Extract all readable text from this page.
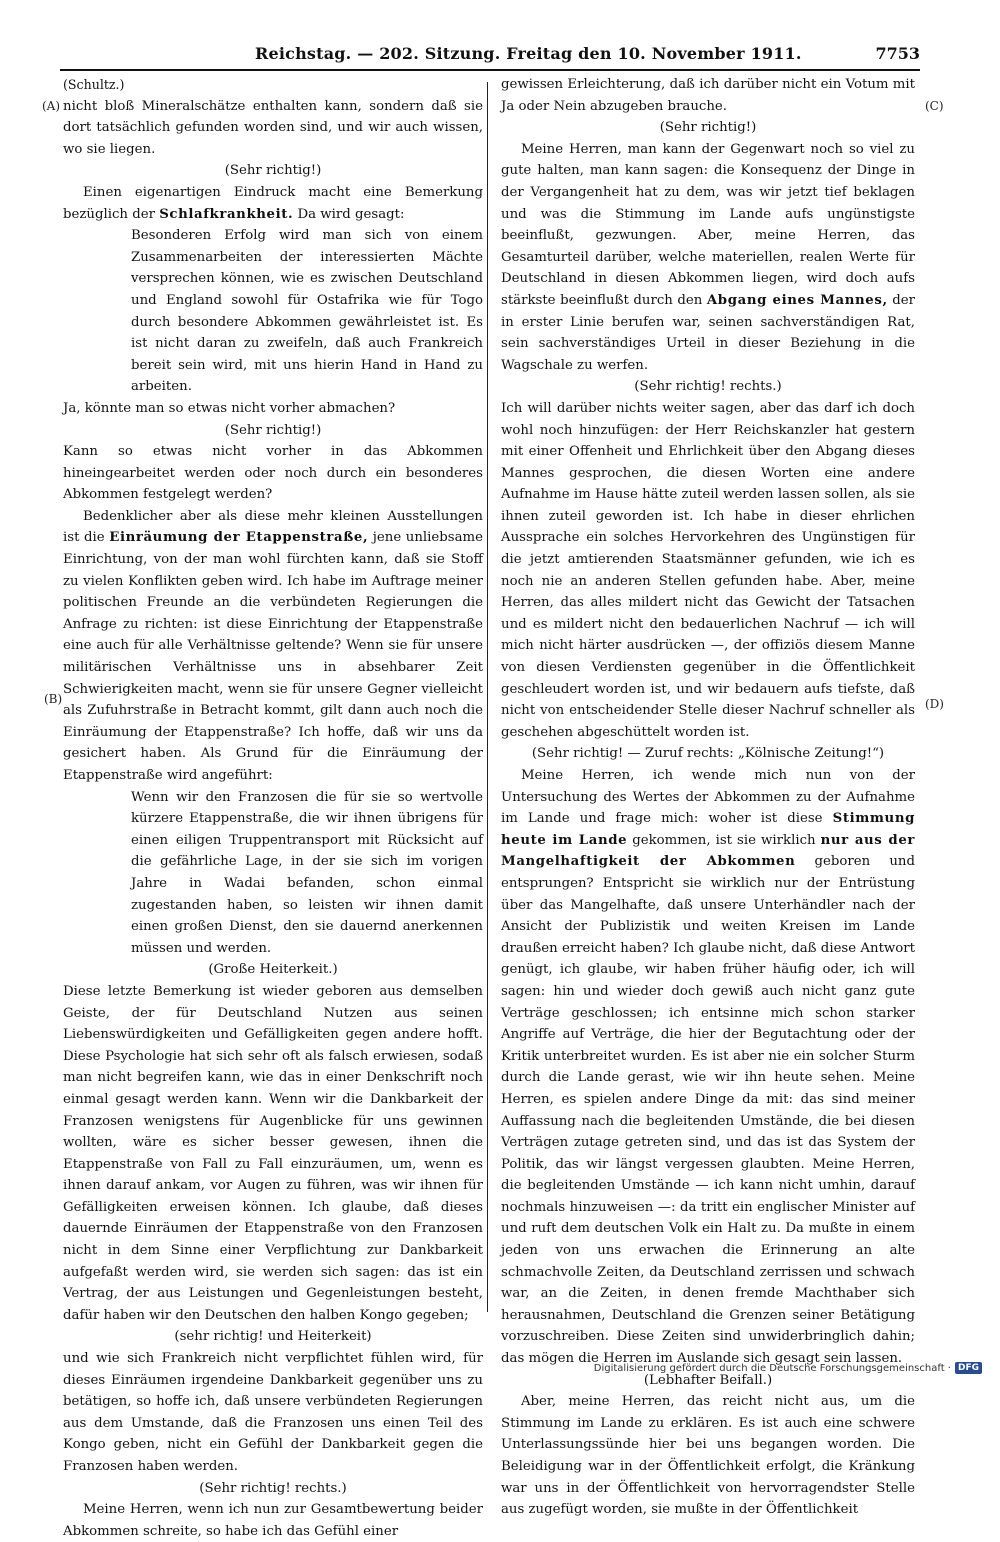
Reichstag. — 202. Sitzung. Freitag den 10. November 1911.	7753
(A)
(B)
(C)
(D)

(Schultz.)

nicht bloß Mineralschätze enthalten kann, sondern daß sie dort tatsächlich gefunden worden sind, und wir auch wissen, wo sie liegen.

(Sehr richtig!)

Einen eigenartigen Eindruck macht eine Bemerkung bezüglich der Schlafkrankheit. Da wird gesagt:

Besonderen Erfolg wird man sich von einem Zusammenarbeiten der interessierten Mächte versprechen können, wie es zwischen Deutschland und England sowohl für Ostafrika wie für Togo durch besondere Abkommen gewährleistet ist. Es ist nicht daran zu zweifeln, daß auch Frankreich bereit sein wird, mit uns hierin Hand in Hand zu arbeiten.

Ja, könnte man so etwas nicht vorher abmachen?

(Sehr richtig!)

Kann so etwas nicht vorher in das Abkommen hineingearbeitet werden oder noch durch ein besonderes Abkommen festgelegt werden?

Bedenklicher aber als diese mehr kleinen Ausstellungen ist die Einräumung der Etappenstraße, jene unliebsame Einrichtung, von der man wohl fürchten kann, daß sie Stoff zu vielen Konflikten geben wird. Ich habe im Auftrage meiner politischen Freunde an die verbündeten Regierungen die Anfrage zu richten: ist diese Einrichtung der Etappenstraße eine auch für alle Verhältnisse geltende? Wenn sie für unsere militärischen Verhältnisse uns in absehbarer Zeit Schwierigkeiten macht, wenn sie für unsere Gegner vielleicht als Zufuhrstraße in Betracht kommt, gilt dann auch noch die Einräumung der Etappenstraße? Ich hoffe, daß wir uns da gesichert haben. Als Grund für die Einräumung der Etappenstraße wird angeführt:

Wenn wir den Franzosen die für sie so wertvolle kürzere Etappenstraße, die wir ihnen übrigens für einen eiligen Truppentransport mit Rücksicht auf die gefährliche Lage, in der sie sich im vorigen Jahre in Wadai befanden, schon einmal zugestanden haben, so leisten wir ihnen damit einen großen Dienst, den sie dauernd anerkennen müssen und werden.

(Große Heiterkeit.)

Diese letzte Bemerkung ist wieder geboren aus demselben Geiste, der für Deutschland Nutzen aus seinen Liebenswürdigkeiten und Gefälligkeiten gegen andere hofft. Diese Psychologie hat sich sehr oft als falsch erwiesen, sodaß man nicht begreifen kann, wie das in einer Denkschrift noch einmal gesagt werden kann. Wenn wir die Dankbarkeit der Franzosen wenigstens für Augenblicke für uns gewinnen wollten, wäre es sicher besser gewesen, ihnen die Etappenstraße von Fall zu Fall einzuräumen, um, wenn es ihnen darauf ankam, vor Augen zu führen, was wir ihnen für Gefälligkeiten erweisen können. Ich glaube, daß dieses dauernde Einräumen der Etappenstraße von den Franzosen nicht in dem Sinne einer Verpflichtung zur Dankbarkeit aufgefaßt werden wird, sie werden sich sagen: das ist ein Vertrag, der aus Leistungen und Gegenleistungen besteht, dafür haben wir den Deutschen den halben Kongo gegeben;

(sehr richtig! und Heiterkeit)

und wie sich Frankreich nicht verpflichtet fühlen wird, für dieses Einräumen irgendeine Dankbarkeit gegenüber uns zu betätigen, so hoffe ich, daß unsere verbündeten Regierungen aus dem Umstande, daß die Franzosen uns einen Teil des Kongo geben, nicht ein Gefühl der Dankbarkeit gegen die Franzosen haben werden.

(Sehr richtig! rechts.)

Meine Herren, wenn ich nun zur Gesamtbewertung beider Abkommen schreite, so habe ich das Gefühl einer

gewissen Erleichterung, daß ich darüber nicht ein Votum mit Ja oder Nein abzugeben brauche.

(Sehr richtig!)

Meine Herren, man kann der Gegenwart noch so viel zu gute halten, man kann sagen: die Konsequenz der Dinge in der Vergangenheit hat zu dem, was wir jetzt tief beklagen und was die Stimmung im Lande aufs ungünstigste beeinflußt, gezwungen. Aber, meine Herren, das Gesamturteil darüber, welche materiellen, realen Werte für Deutschland in diesen Abkommen liegen, wird doch aufs stärkste beeinflußt durch den Abgang eines Mannes, der in erster Linie berufen war, seinen sachverständigen Rat, sein sachverständiges Urteil in dieser Beziehung in die Wagschale zu werfen.

(Sehr richtig! rechts.)

Ich will darüber nichts weiter sagen, aber das darf ich doch wohl noch hinzufügen: der Herr Reichskanzler hat gestern mit einer Offenheit und Ehrlichkeit über den Abgang dieses Mannes gesprochen, die diesen Worten eine andere Aufnahme im Hause hätte zuteil werden lassen sollen, als sie ihnen zuteil geworden ist. Ich habe in dieser ehrlichen Aussprache ein solches Hervorkehren des Ungünstigen für die jetzt amtierenden Staatsmänner gefunden, wie ich es noch nie an anderen Stellen gefunden habe. Aber, meine Herren, das alles mildert nicht das Gewicht der Tatsachen und es mildert nicht den bedauerlichen Nachruf — ich will mich nicht härter ausdrücken —, der offiziös diesem Manne von diesen Verdiensten gegenüber in die Öffentlichkeit geschleudert worden ist, und wir bedauern aufs tiefste, daß nicht von entscheidender Stelle dieser Nachruf schneller als geschehen abgeschüttelt worden ist.

(Sehr richtig! — Zuruf rechts: „Kölnische Zeitung!“)

Meine Herren, ich wende mich nun von der Untersuchung des Wertes der Abkommen zu der Aufnahme im Lande und frage mich: woher ist diese Stimmung heute im Lande gekommen, ist sie wirklich nur aus der Mangelhaftigkeit der Abkommen geboren und entsprungen? Entspricht sie wirklich nur der Entrüstung über das Mangelhafte, daß unsere Unterhändler nach der Ansicht der Publizistik und weiten Kreisen im Lande draußen erreicht haben? Ich glaube nicht, daß diese Antwort genügt, ich glaube, wir haben früher häufig oder, ich will sagen: hin und wieder doch gewiß auch nicht ganz gute Verträge geschlossen; ich entsinne mich schon starker Angriffe auf Verträge, die hier der Begutachtung oder der Kritik unterbreitet wurden. Es ist aber nie ein solcher Sturm durch die Lande gerast, wie wir ihn heute sehen. Meine Herren, es spielen andere Dinge da mit: das sind meiner Auffassung nach die begleitenden Umstände, die bei diesen Verträgen zutage getreten sind, und das ist das System der Politik, das wir längst vergessen glaubten. Meine Herren, die begleitenden Umstände — ich kann nicht umhin, darauf nochmals hinzuweisen —: da tritt ein englischer Minister auf und ruft dem deutschen Volk ein Halt zu. Da mußte in einem jeden von uns erwachen die Erinnerung an alte schmachvolle Zeiten, da Deutschland zerrissen und schwach war, an die Zeiten, in denen fremde Machthaber sich herausnahmen, Deutschland die Grenzen seiner Betätigung vorzuschreiben. Diese Zeiten sind unwiderbringlich dahin; das mögen die Herren im Auslande sich gesagt sein lassen.

(Lebhafter Beifall.)

Aber, meine Herren, das reicht nicht aus, um die Stimmung im Lande zu erklären. Es ist auch eine schwere Unterlassungssünde hier bei uns begangen worden. Die Beleidigung war in der Öffentlichkeit erfolgt, die Kränkung war uns in der Öffentlichkeit von hervorragendster Stelle aus zugefügt worden, sie mußte in der Öffentlichkeit

Digitalisierung gefördert durch die Deutsche Forschungsgemeinschaft · DFG
